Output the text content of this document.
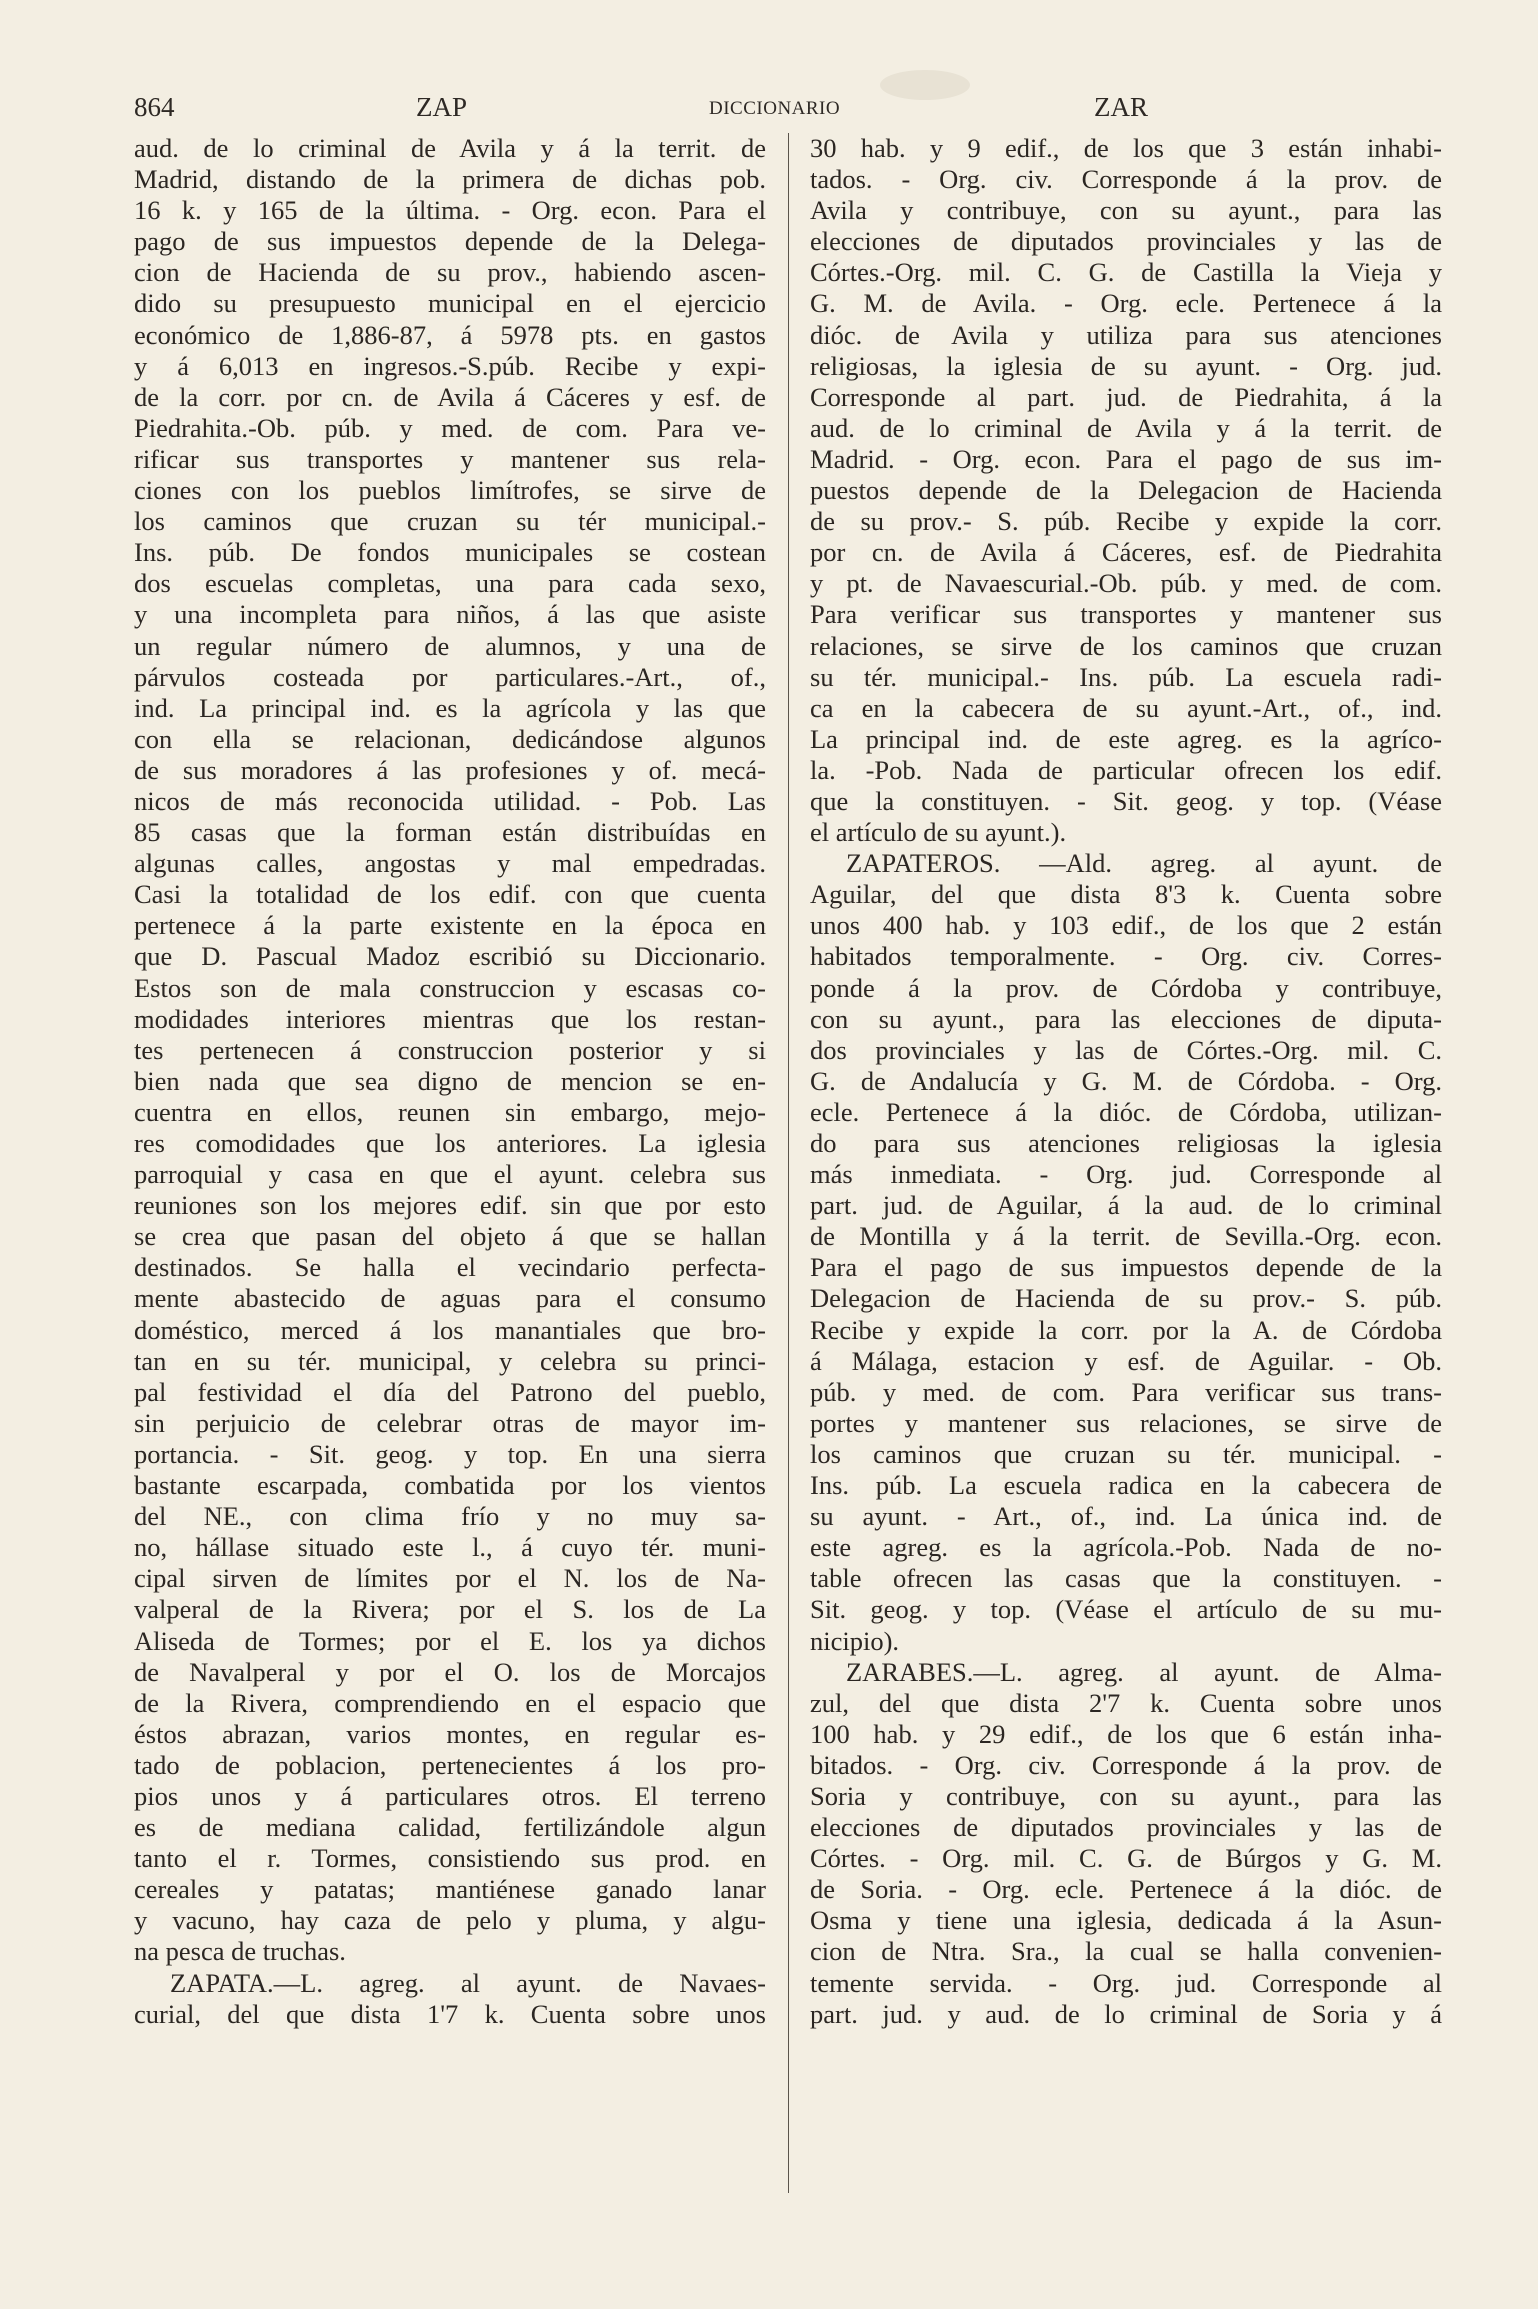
864	ZAP	DICCIONARIO	ZAR
aud. de lo criminal de Avila y á la territ. de
Madrid, distando de la primera de dichas pob.
16 k. y 165 de la última. - Org. econ. Para el
pago de sus impuestos depende de la Delega-
cion de Hacienda de su prov., habiendo ascen-
dido su presupuesto municipal en el ejercicio
económico de 1,886-87, á 5978 pts. en gastos
y á 6,013 en ingresos.-S.púb. Recibe y expi-
de la corr. por cn. de Avila á Cáceres y esf. de
Piedrahita.-Ob. púb. y med. de com. Para ve-
rificar sus transportes y mantener sus rela-
ciones con los pueblos limítrofes, se sirve de
los caminos que cruzan su tér municipal.-
Ins. púb. De fondos municipales se costean
dos escuelas completas, una para cada sexo,
y una incompleta para niños, á las que asiste
un regular número de alumnos, y una de
párvulos costeada por particulares.-Art., of.,
ind. La principal ind. es la agrícola y las que
con ella se relacionan, dedicándose algunos
de sus moradores á las profesiones y of. mecá-
nicos de más reconocida utilidad. - Pob. Las
85 casas que la forman están distribuídas en
algunas calles, angostas y mal empedradas.
Casi la totalidad de los edif. con que cuenta
pertenece á la parte existente en la época en
que D. Pascual Madoz escribió su Diccionario.
Estos son de mala construccion y escasas co-
modidades interiores mientras que los restan-
tes pertenecen á construccion posterior y si
bien nada que sea digno de mencion se en-
cuentra en ellos, reunen sin embargo, mejo-
res comodidades que los anteriores. La iglesia
parroquial y casa en que el ayunt. celebra sus
reuniones son los mejores edif. sin que por esto
se crea que pasan del objeto á que se hallan
destinados. Se halla el vecindario perfecta-
mente abastecido de aguas para el consumo
doméstico, merced á los manantiales que bro-
tan en su tér. municipal, y celebra su princi-
pal festividad el día del Patrono del pueblo,
sin perjuicio de celebrar otras de mayor im-
portancia. - Sit. geog. y top. En una sierra
bastante escarpada, combatida por los vientos
del NE., con clima frío y no muy sa-
no, hállase situado este l., á cuyo tér. muni-
cipal sirven de límites por el N. los de Na-
valperal de la Rivera; por el S. los de La
Aliseda de Tormes; por el E. los ya dichos
de Navalperal y por el O. los de Morcajos
de la Rivera, comprendiendo en el espacio que
éstos abrazan, varios montes, en regular es-
tado de poblacion, pertenecientes á los pro-
pios unos y á particulares otros. El terreno
es de mediana calidad, fertilizándole algun
tanto el r. Tormes, consistiendo sus prod. en
cereales y patatas; mantiénese ganado lanar
y vacuno, hay caza de pelo y pluma, y algu-
na pesca de truchas.
ZAPATA.—L. agreg. al ayunt. de Navaes-
curial, del que dista 1'7 k. Cuenta sobre unos
30 hab. y 9 edif., de los que 3 están inhabi-
tados. - Org. civ. Corresponde á la prov. de
Avila y contribuye, con su ayunt., para las
elecciones de diputados provinciales y las de
Córtes.-Org. mil. C. G. de Castilla la Vieja y
G. M. de Avila. - Org. ecle. Pertenece á la
dióc. de Avila y utiliza para sus atenciones
religiosas, la iglesia de su ayunt. - Org. jud.
Corresponde al part. jud. de Piedrahita, á la
aud. de lo criminal de Avila y á la territ. de
Madrid. - Org. econ. Para el pago de sus im-
puestos depende de la Delegacion de Hacienda
de su prov.- S. púb. Recibe y expide la corr.
por cn. de Avila á Cáceres, esf. de Piedrahita
y pt. de Navaescurial.-Ob. púb. y med. de com.
Para verificar sus transportes y mantener sus
relaciones, se sirve de los caminos que cruzan
su tér. municipal.- Ins. púb. La escuela radi-
ca en la cabecera de su ayunt.-Art., of., ind.
La principal ind. de este agreg. es la agríco-
la. -Pob. Nada de particular ofrecen los edif.
que la constituyen. - Sit. geog. y top. (Véase
el artículo de su ayunt.).
ZAPATEROS. —Ald. agreg. al ayunt. de
Aguilar, del que dista 8'3 k. Cuenta sobre
unos 400 hab. y 103 edif., de los que 2 están
habitados temporalmente. - Org. civ. Corres-
ponde á la prov. de Córdoba y contribuye,
con su ayunt., para las elecciones de diputa-
dos provinciales y las de Córtes.-Org. mil. C.
G. de Andalucía y G. M. de Córdoba. - Org.
ecle. Pertenece á la dióc. de Córdoba, utilizan-
do para sus atenciones religiosas la iglesia
más inmediata. - Org. jud. Corresponde al
part. jud. de Aguilar, á la aud. de lo criminal
de Montilla y á la territ. de Sevilla.-Org. econ.
Para el pago de sus impuestos depende de la
Delegacion de Hacienda de su prov.- S. púb.
Recibe y expide la corr. por la A. de Córdoba
á Málaga, estacion y esf. de Aguilar. - Ob.
púb. y med. de com. Para verificar sus trans-
portes y mantener sus relaciones, se sirve de
los caminos que cruzan su tér. municipal. -
Ins. púb. La escuela radica en la cabecera de
su ayunt. - Art., of., ind. La única ind. de
este agreg. es la agrícola.-Pob. Nada de no-
table ofrecen las casas que la constituyen. -
Sit. geog. y top. (Véase el artículo de su mu-
nicipio).
ZARABES.—L. agreg. al ayunt. de Alma-
zul, del que dista 2'7 k. Cuenta sobre unos
100 hab. y 29 edif., de los que 6 están inha-
bitados. - Org. civ. Corresponde á la prov. de
Soria y contribuye, con su ayunt., para las
elecciones de diputados provinciales y las de
Córtes. - Org. mil. C. G. de Búrgos y G. M.
de Soria. - Org. ecle. Pertenece á la dióc. de
Osma y tiene una iglesia, dedicada á la Asun-
cion de Ntra. Sra., la cual se halla convenien-
temente servida. - Org. jud. Corresponde al
part. jud. y aud. de lo criminal de Soria y á
